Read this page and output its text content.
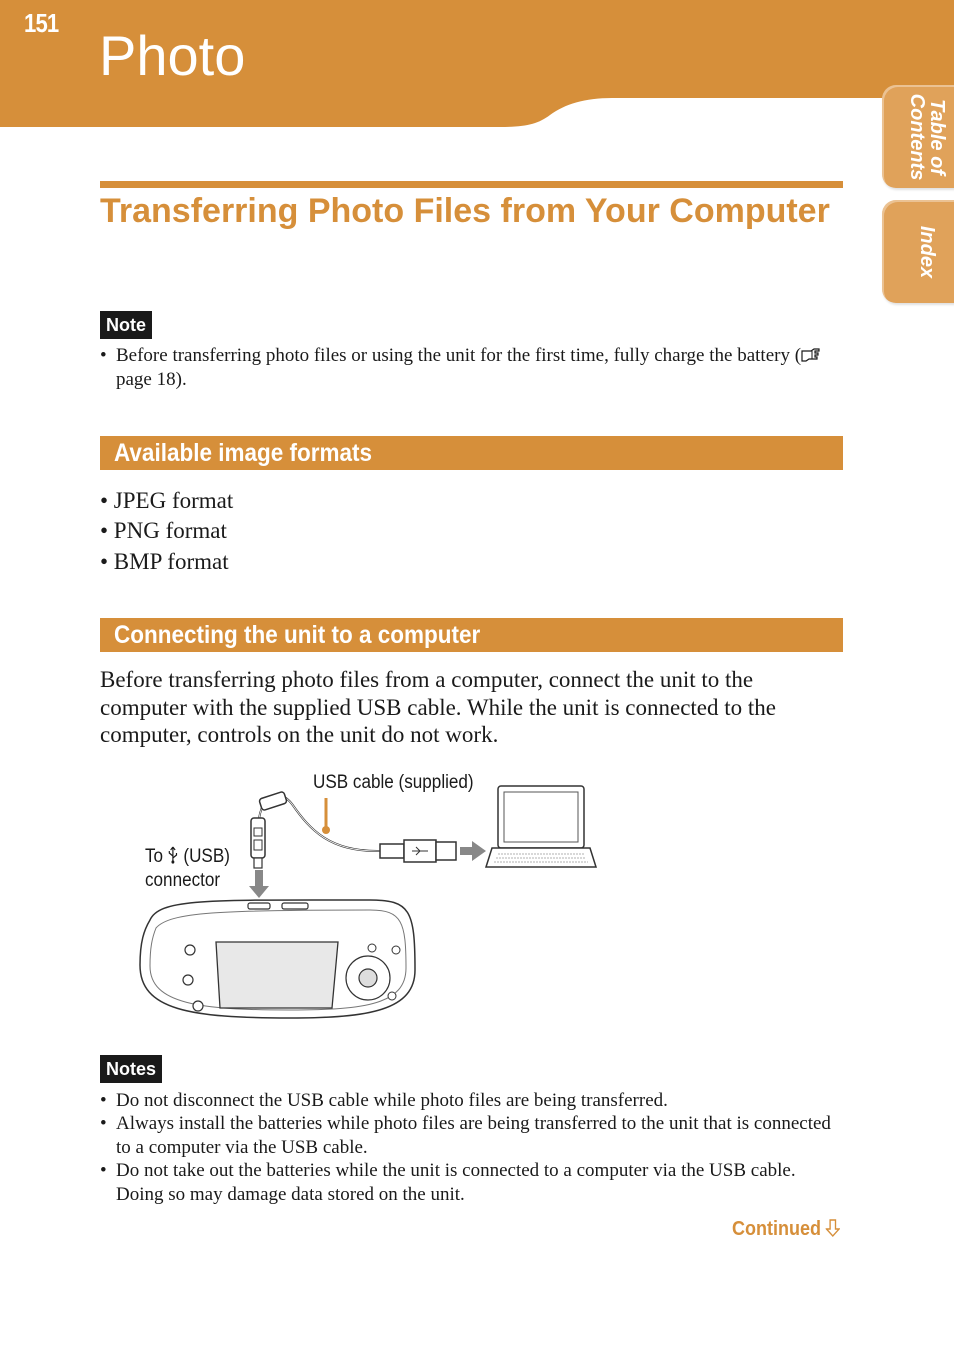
151
Photo
Table of
Contents
Index
Transferring Photo Files from Your Computer
Note

• Before transferring photo files or using the unit for the first time, fully charge the battery ( page 18).

Available image formats
• JPEG format
• PNG format
• BMP format
Connecting the unit to a computer

Before transferring photo files from a computer, connect the unit to the computer with the supplied USB cable. While the unit is connected to the computer, controls on the unit do not work.

USB cable (supplied)
To  (USB)
connector
Notes

• Do not disconnect the USB cable while photo files are being transferred.

• Always install the batteries while photo files are being transferred to the unit that is connected to a computer via the USB cable.

• Do not take out the batteries while the unit is connected to a computer via the USB cable. Doing so may damage data stored on the unit.

Continued
